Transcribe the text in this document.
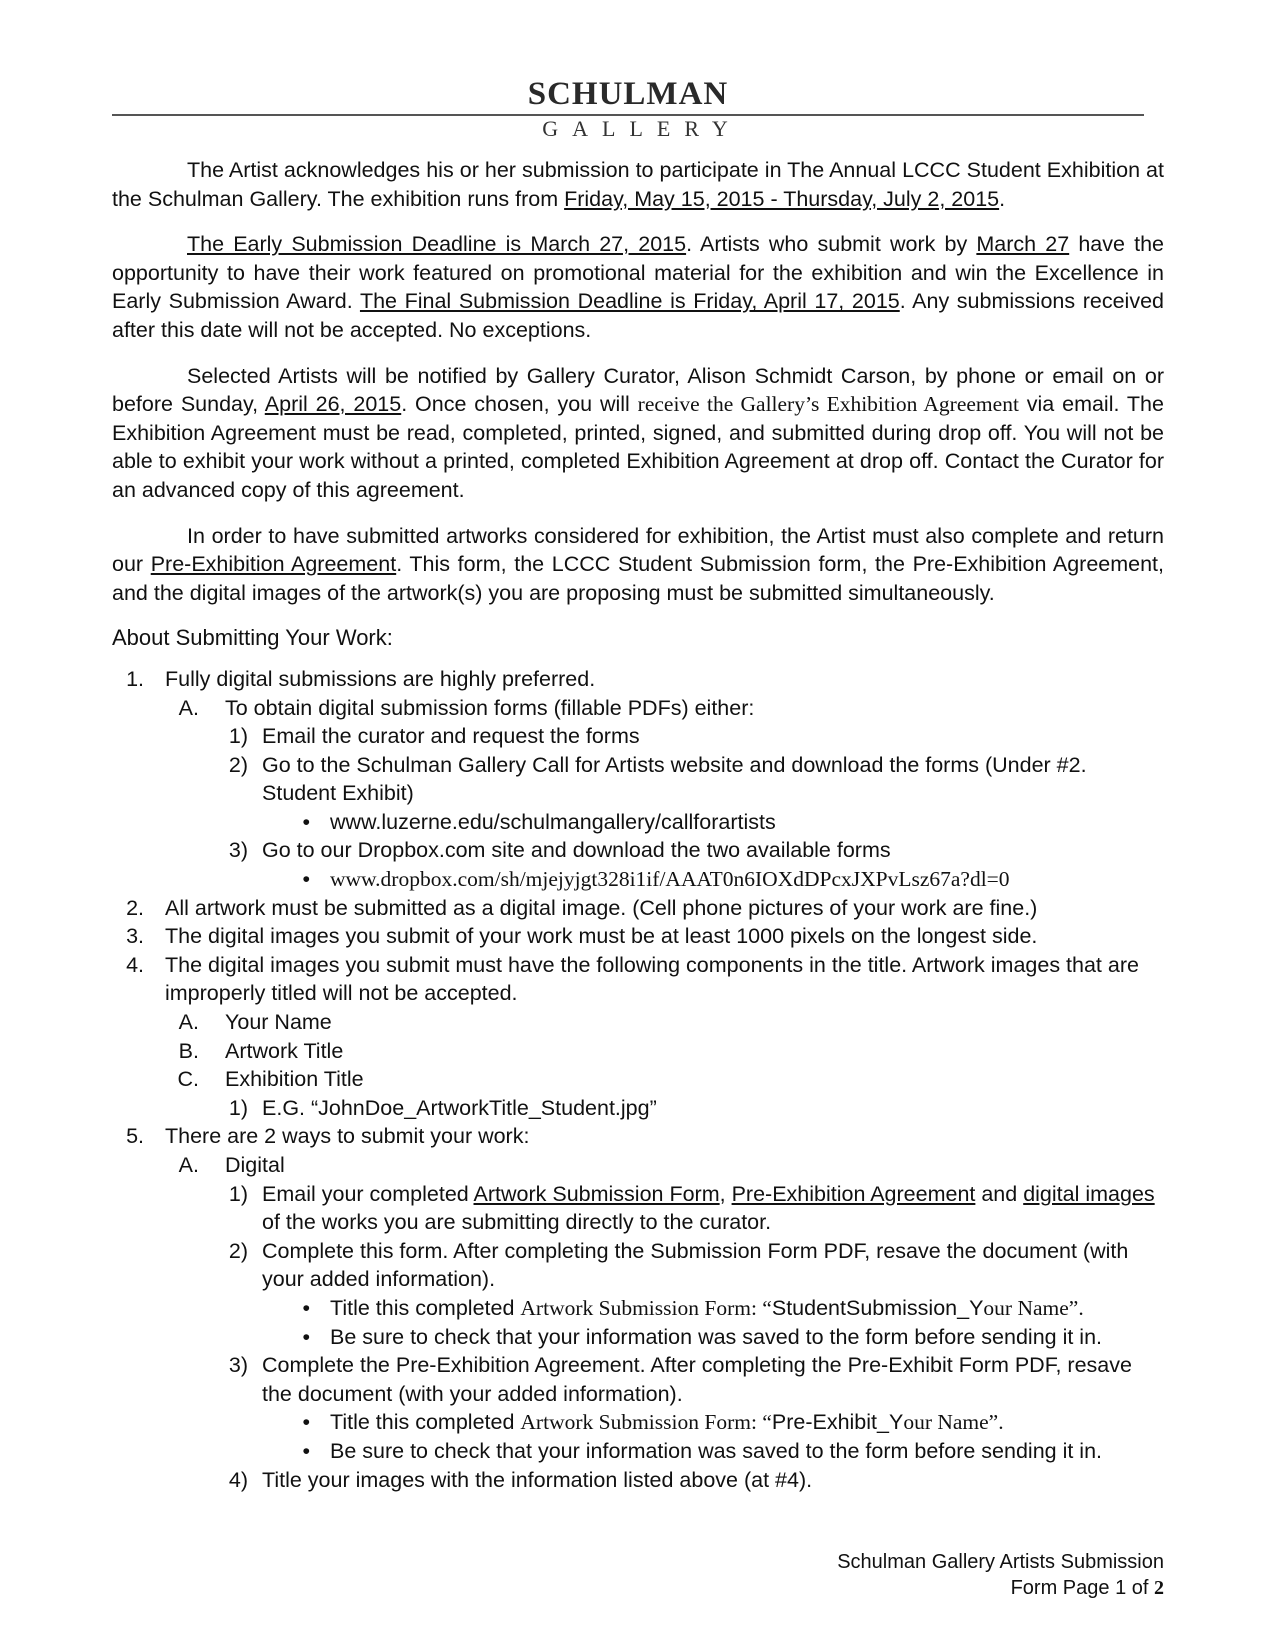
SCHULMAN
GALLERY

The Artist acknowledges his or her submission to participate in The Annual LCCC Student Exhibition at the Schulman Gallery. The exhibition runs from Friday, May 15, 2015 - Thursday, July 2, 2015.

The Early Submission Deadline is March 27, 2015. Artists who submit work by March 27 have the opportunity to have their work featured on promotional material for the exhibition and win the Excellence in Early Submission Award. The Final Submission Deadline is Friday, April 17, 2015. Any submissions received after this date will not be accepted. No exceptions.

Selected Artists will be notified by Gallery Curator, Alison Schmidt Carson, by phone or email on or before Sunday, April 26, 2015. Once chosen, you will receive the Gallery’s Exhibition Agreement via email. The Exhibition Agreement must be read, completed, printed, signed, and submitted during drop off. You will not be able to exhibit your work without a printed, completed Exhibition Agreement at drop off. Contact the Curator for an advanced copy of this agreement.

In order to have submitted artworks considered for exhibition, the Artist must also complete and return our Pre-Exhibition Agreement. This form, the LCCC Student Submission form, the Pre-Exhibition Agreement, and the digital images of the artwork(s) you are proposing must be submitted simultaneously.

About Submitting Your Work:
1. Fully digital submissions are highly preferred.
A. To obtain digital submission forms (fillable PDFs) either:
1) Email the curator and request the forms
2) Go to the Schulman Gallery Call for Artists website and download the forms (Under #2. Student Exhibit)
• www.luzerne.edu/schulmangallery/callforartists
3) Go to our Dropbox.com site and download the two available forms
• www.dropbox.com/sh/mjejyjgt328i1if/AAAT0n6IOXdDPcxJXPvLsz67a?dl=0
2. All artwork must be submitted as a digital image. (Cell phone pictures of your work are fine.)
3. The digital images you submit of your work must be at least 1000 pixels on the longest side.
4. The digital images you submit must have the following components in the title. Artwork images that are improperly titled will not be accepted.
A. Your Name
B. Artwork Title
C. Exhibition Title
1) E.G. “JohnDoe_ArtworkTitle_Student.jpg”
5. There are 2 ways to submit your work:
A. Digital
1) Email your completed Artwork Submission Form, Pre-Exhibition Agreement and digital images of the works you are submitting directly to the curator.
2) Complete this form. After completing the Submission Form PDF, resave the document (with your added information).
• Title this completed Artwork Submission Form: “StudentSubmission_Your Name”.
• Be sure to check that your information was saved to the form before sending it in.
3) Complete the Pre-Exhibition Agreement. After completing the Pre-Exhibit Form PDF, resave the document (with your added information).
• Title this completed Artwork Submission Form: “Pre-Exhibit_Your Name”.
• Be sure to check that your information was saved to the form before sending it in.
4) Title your images with the information listed above (at #4).
Schulman Gallery Artists Submission
Form Page 1 of 2
